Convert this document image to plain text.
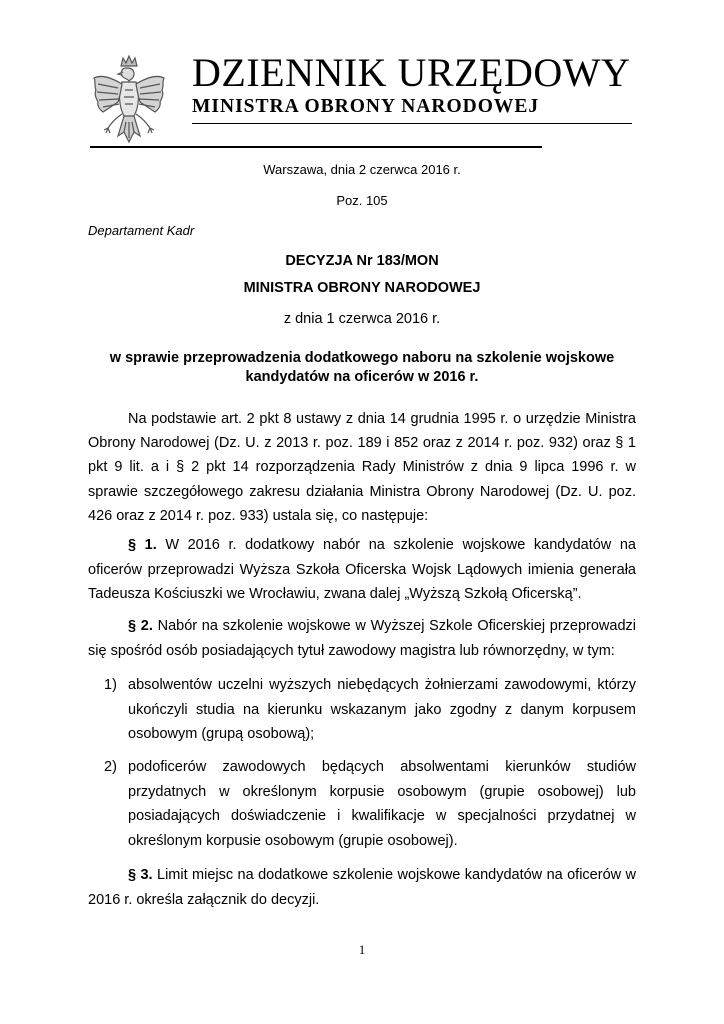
DZIENNIK URZĘDOWY
MINISTRA OBRONY NARODOWEJ
Warszawa, dnia 2 czerwca 2016 r.
Poz. 105
Departament Kadr
DECYZJA Nr 183/MON
MINISTRA OBRONY NARODOWEJ
z dnia 1 czerwca 2016 r.
w sprawie przeprowadzenia dodatkowego naboru na szkolenie wojskowe
kandydatów na oficerów w 2016 r.
Na podstawie art. 2 pkt 8 ustawy z dnia 14 grudnia 1995 r. o urzędzie Ministra Obrony Narodowej (Dz. U. z 2013 r. poz. 189 i 852 oraz z 2014 r. poz. 932) oraz § 1 pkt 9 lit. a i § 2 pkt 14 rozporządzenia Rady Ministrów z dnia 9 lipca 1996 r. w sprawie szczegółowego zakresu działania Ministra Obrony Narodowej (Dz. U. poz. 426 oraz z 2014 r. poz. 933) ustala się, co następuje:
§ 1. W 2016 r. dodatkowy nabór na szkolenie wojskowe kandydatów na oficerów przeprowadzi Wyższa Szkoła Oficerska Wojsk Lądowych imienia generała Tadeusza Kościuszki we Wrocławiu, zwana dalej „Wyższą Szkołą Oficerską”.
§ 2. Nabór na szkolenie wojskowe w Wyższej Szkole Oficerskiej przeprowadzi się spośród osób posiadających tytuł zawodowy magistra lub równorzędny, w tym:
1) absolwentów uczelni wyższych niebędących żołnierzami zawodowymi, którzy ukończyli studia na kierunku wskazanym jako zgodny z danym korpusem osobowym (grupą osobową);
2) podoficerów zawodowych będących absolwentami kierunków studiów przydatnych w określonym korpusie osobowym (grupie osobowej) lub posiadających doświadczenie i kwalifikacje w specjalności przydatnej w określonym korpusie osobowym (grupie osobowej).
§ 3. Limit miejsc na dodatkowe szkolenie wojskowe kandydatów na oficerów w 2016 r. określa załącznik do decyzji.
1
